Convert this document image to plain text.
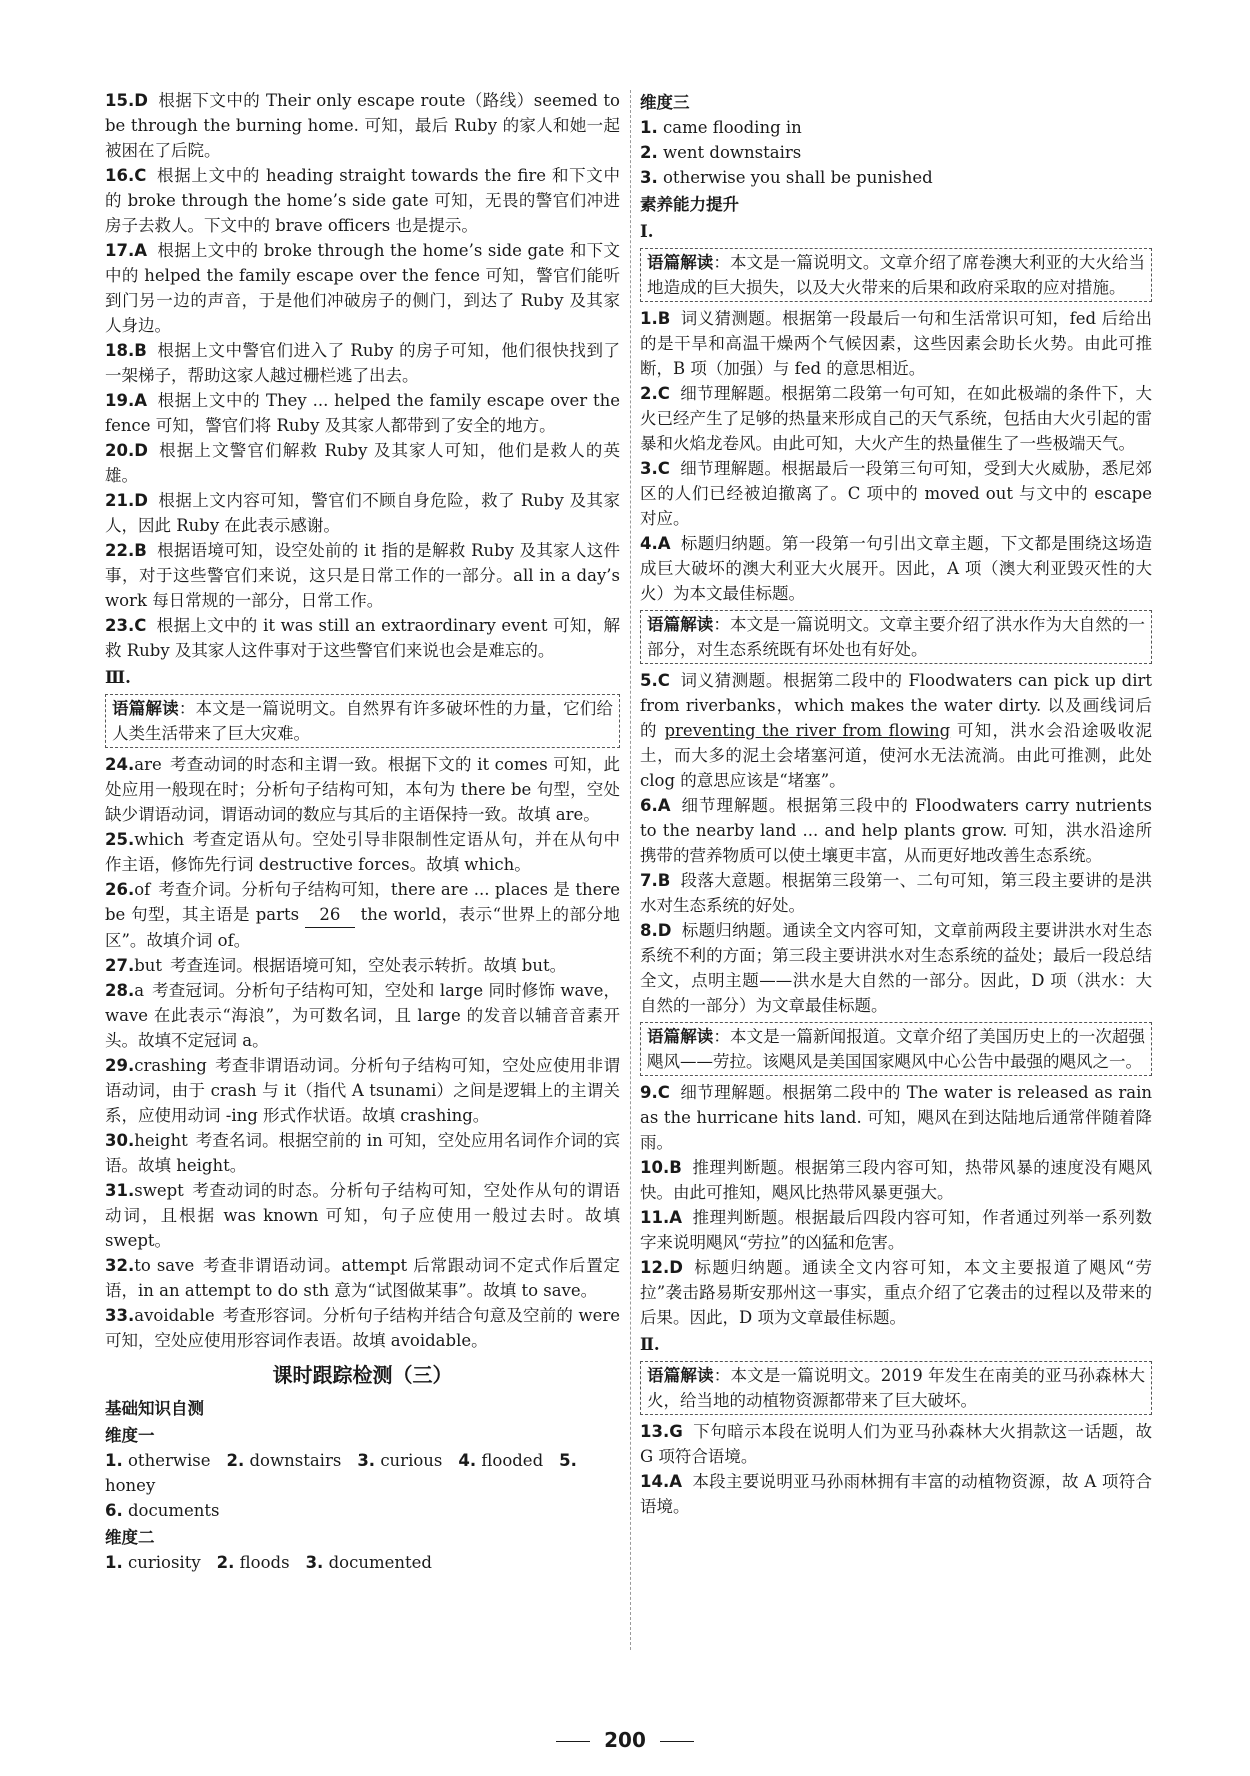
15.D 根据下文中的 Their only escape route（路线）seemed to be through the burning home. 可知，最后 Ruby 的家人和她一起被困在了后院。
16.C 根据上文中的 heading straight towards the fire 和下文中的 broke through the home’s side gate 可知，无畏的警官们冲进房子去救人。下文中的 brave officers 也是提示。
17.A 根据上文中的 broke through the home’s side gate 和下文中的 helped the family escape over the fence 可知，警官们能听到门另一边的声音，于是他们冲破房子的侧门，到达了 Ruby 及其家人身边。
18.B 根据上文中警官们进入了 Ruby 的房子可知，他们很快找到了一架梯子，帮助这家人越过栅栏逃了出去。
19.A 根据上文中的 They ... helped the family escape over the fence 可知，警官们将 Ruby 及其家人都带到了安全的地方。
20.D 根据上文警官们解救 Ruby 及其家人可知，他们是救人的英雄。
21.D 根据上文内容可知，警官们不顾自身危险，救了 Ruby 及其家人，因此 Ruby 在此表示感谢。
22.B 根据语境可知，设空处前的 it 指的是解救 Ruby 及其家人这件事，对于这些警官们来说，这只是日常工作的一部分。all in a day’s work 每日常规的一部分，日常工作。
23.C 根据上文中的 it was still an extraordinary event 可知，解救 Ruby 及其家人这件事对于这些警官们来说也会是难忘的。
Ⅲ.
语篇解读：本文是一篇说明文。自然界有许多破坏性的力量，它们给人类生活带来了巨大灾难。
24.are 考查动词的时态和主谓一致。根据下文的 it comes 可知，此处应用一般现在时；分析句子结构可知，本句为 there be 句型，空处缺少谓语动词，谓语动词的数应与其后的主语保持一致。故填 are。
25.which 考查定语从句。空处引导非限制性定语从句，并在从句中作主语，修饰先行词 destructive forces。故填 which。
26.of 考查介词。分析句子结构可知，there are ... places 是 there be 句型，其主语是 parts 26 the world，表示“世界上的部分地区”。故填介词 of。
27.but 考查连词。根据语境可知，空处表示转折。故填 but。
28.a 考查冠词。分析句子结构可知，空处和 large 同时修饰 wave，wave 在此表示“海浪”，为可数名词，且 large 的发音以辅音音素开头。故填不定冠词 a。
29.crashing 考查非谓语动词。分析句子结构可知，空处应使用非谓语动词，由于 crash 与 it（指代 A tsunami）之间是逻辑上的主谓关系，应使用动词 -ing 形式作状语。故填 crashing。
30.height 考查名词。根据空前的 in 可知，空处应用名词作介词的宾语。故填 height。
31.swept 考查动词的时态。分析句子结构可知，空处作从句的谓语动词，且根据 was known 可知，句子应使用一般过去时。故填 swept。
32.to save 考查非谓语动词。attempt 后常跟动词不定式作后置定语，in an attempt to do sth 意为“试图做某事”。故填 to save。
33.avoidable 考查形容词。分析句子结构并结合句意及空前的 were 可知，空处应使用形容词作表语。故填 avoidable。
课时跟踪检测（三）
基础知识自测
维度一
1. otherwise 2. downstairs 3. curious 4. flooded 5. honey
6. documents
维度二
1. curiosity 2. floods 3. documented
维度三
1. came flooding in
2. went downstairs
3. otherwise you shall be punished
素养能力提升
Ⅰ.
语篇解读：本文是一篇说明文。文章介绍了席卷澳大利亚的大火给当地造成的巨大损失，以及大火带来的后果和政府采取的应对措施。
1.B 词义猜测题。根据第一段最后一句和生活常识可知，fed 后给出的是干旱和高温干燥两个气候因素，这些因素会助长火势。由此可推断，B 项（加强）与 fed 的意思相近。
2.C 细节理解题。根据第二段第一句可知，在如此极端的条件下，大火已经产生了足够的热量来形成自己的天气系统，包括由大火引起的雷暴和火焰龙卷风。由此可知，大火产生的热量催生了一些极端天气。
3.C 细节理解题。根据最后一段第三句可知，受到大火威胁，悉尼郊区的人们已经被迫撤离了。C 项中的 moved out 与文中的 escape 对应。
4.A 标题归纳题。第一段第一句引出文章主题，下文都是围绕这场造成巨大破坏的澳大利亚大火展开。因此，A 项（澳大利亚毁灭性的大火）为本文最佳标题。
语篇解读：本文是一篇说明文。文章主要介绍了洪水作为大自然的一部分，对生态系统既有坏处也有好处。
5.C 词义猜测题。根据第二段中的 Floodwaters can pick up dirt from riverbanks，which makes the water dirty. 以及画线词后的 preventing the river from flowing 可知，洪水会沿途吸收泥土，而大多的泥土会堵塞河道，使河水无法流淌。由此可推测，此处 clog 的意思应该是“堵塞”。
6.A 细节理解题。根据第三段中的 Floodwaters carry nutrients to the nearby land ... and help plants grow. 可知，洪水沿途所携带的营养物质可以使土壤更丰富，从而更好地改善生态系统。
7.B 段落大意题。根据第三段第一、二句可知，第三段主要讲的是洪水对生态系统的好处。
8.D 标题归纳题。通读全文内容可知，文章前两段主要讲洪水对生态系统不利的方面；第三段主要讲洪水对生态系统的益处；最后一段总结全文，点明主题——洪水是大自然的一部分。因此，D 项（洪水：大自然的一部分）为文章最佳标题。
语篇解读：本文是一篇新闻报道。文章介绍了美国历史上的一次超强飓风——劳拉。该飓风是美国国家飓风中心公告中最强的飓风之一。
9.C 细节理解题。根据第二段中的 The water is released as rain as the hurricane hits land. 可知，飓风在到达陆地后通常伴随着降雨。
10.B 推理判断题。根据第三段内容可知，热带风暴的速度没有飓风快。由此可推知，飓风比热带风暴更强大。
11.A 推理判断题。根据最后四段内容可知，作者通过列举一系列数字来说明飓风“劳拉”的凶猛和危害。
12.D 标题归纳题。通读全文内容可知，本文主要报道了飓风“劳拉”袭击路易斯安那州这一事实，重点介绍了它袭击的过程以及带来的后果。因此，D 项为文章最佳标题。
Ⅱ.
语篇解读：本文是一篇说明文。2019 年发生在南美的亚马孙森林大火，给当地的动植物资源都带来了巨大破坏。
13.G 下句暗示本段在说明人们为亚马孙森林大火捐款这一话题，故 G 项符合语境。
14.A 本段主要说明亚马孙雨林拥有丰富的动植物资源，故 A 项符合语境。
200
